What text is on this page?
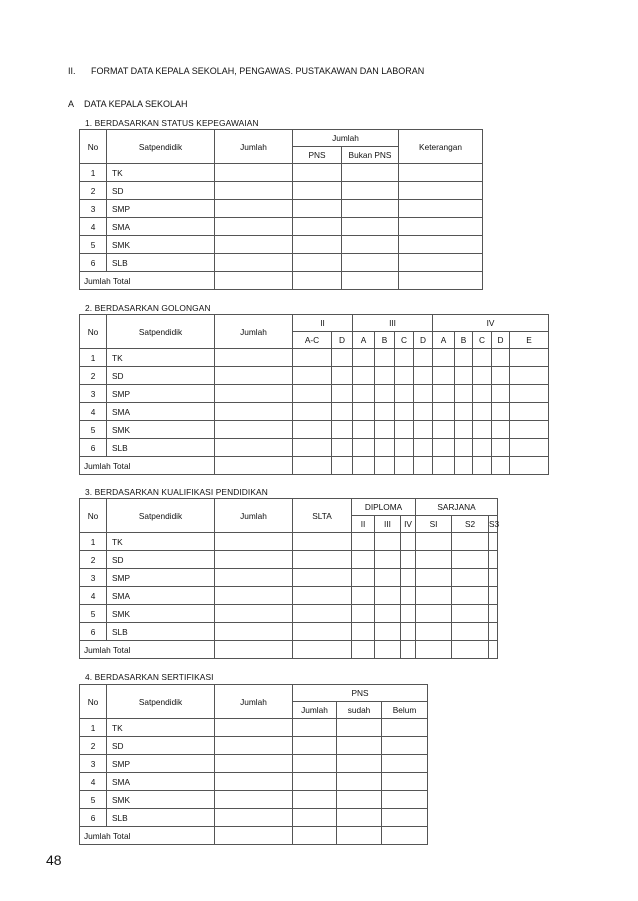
II. FORMAT DATA KEPALA SEKOLAH, PENGAWAS. PUSTAKAWAN DAN LABORAN
A DATA KEPALA SEKOLAH
1. BERDASARKAN STATUS KEPEGAWAIAN
No	Satpendidik	Jumlah	Jumlah		Keterangan
			PNS	Bukan PNS	
1	TK				
2	SD				
3	SMP				
4	SMA				
5	SMK				
6	SLB				
Jumlah Total					
2. BERDASARKAN GOLONGAN
No	Satpendidik	Jumlah	II		III				IV				
			A-C	D	A	B	C	D	A	B	C	D	E
1	TK												
2	SD												
3	SMP												
4	SMA												
5	SMK												
6	SLB												
Jumlah Total													
3. BERDASARKAN KUALIFIKASI PENDIDIKAN
No	Satpendidik	Jumlah	SLTA	DIPLOMA			SARJANA		
				II	III	IV	SI	S2	S3
1	TK								
2	SD								
3	SMP								
4	SMA								
5	SMK								
6	SLB								
Jumlah Total									
4. BERDASARKAN SERTIFIKASI
No	Satpendidik	Jumlah	PNS		
			Jumlah	sudah	Belum
1	TK				
2	SD				
3	SMP				
4	SMA				
5	SMK				
6	SLB				
Jumlah Total					
48
